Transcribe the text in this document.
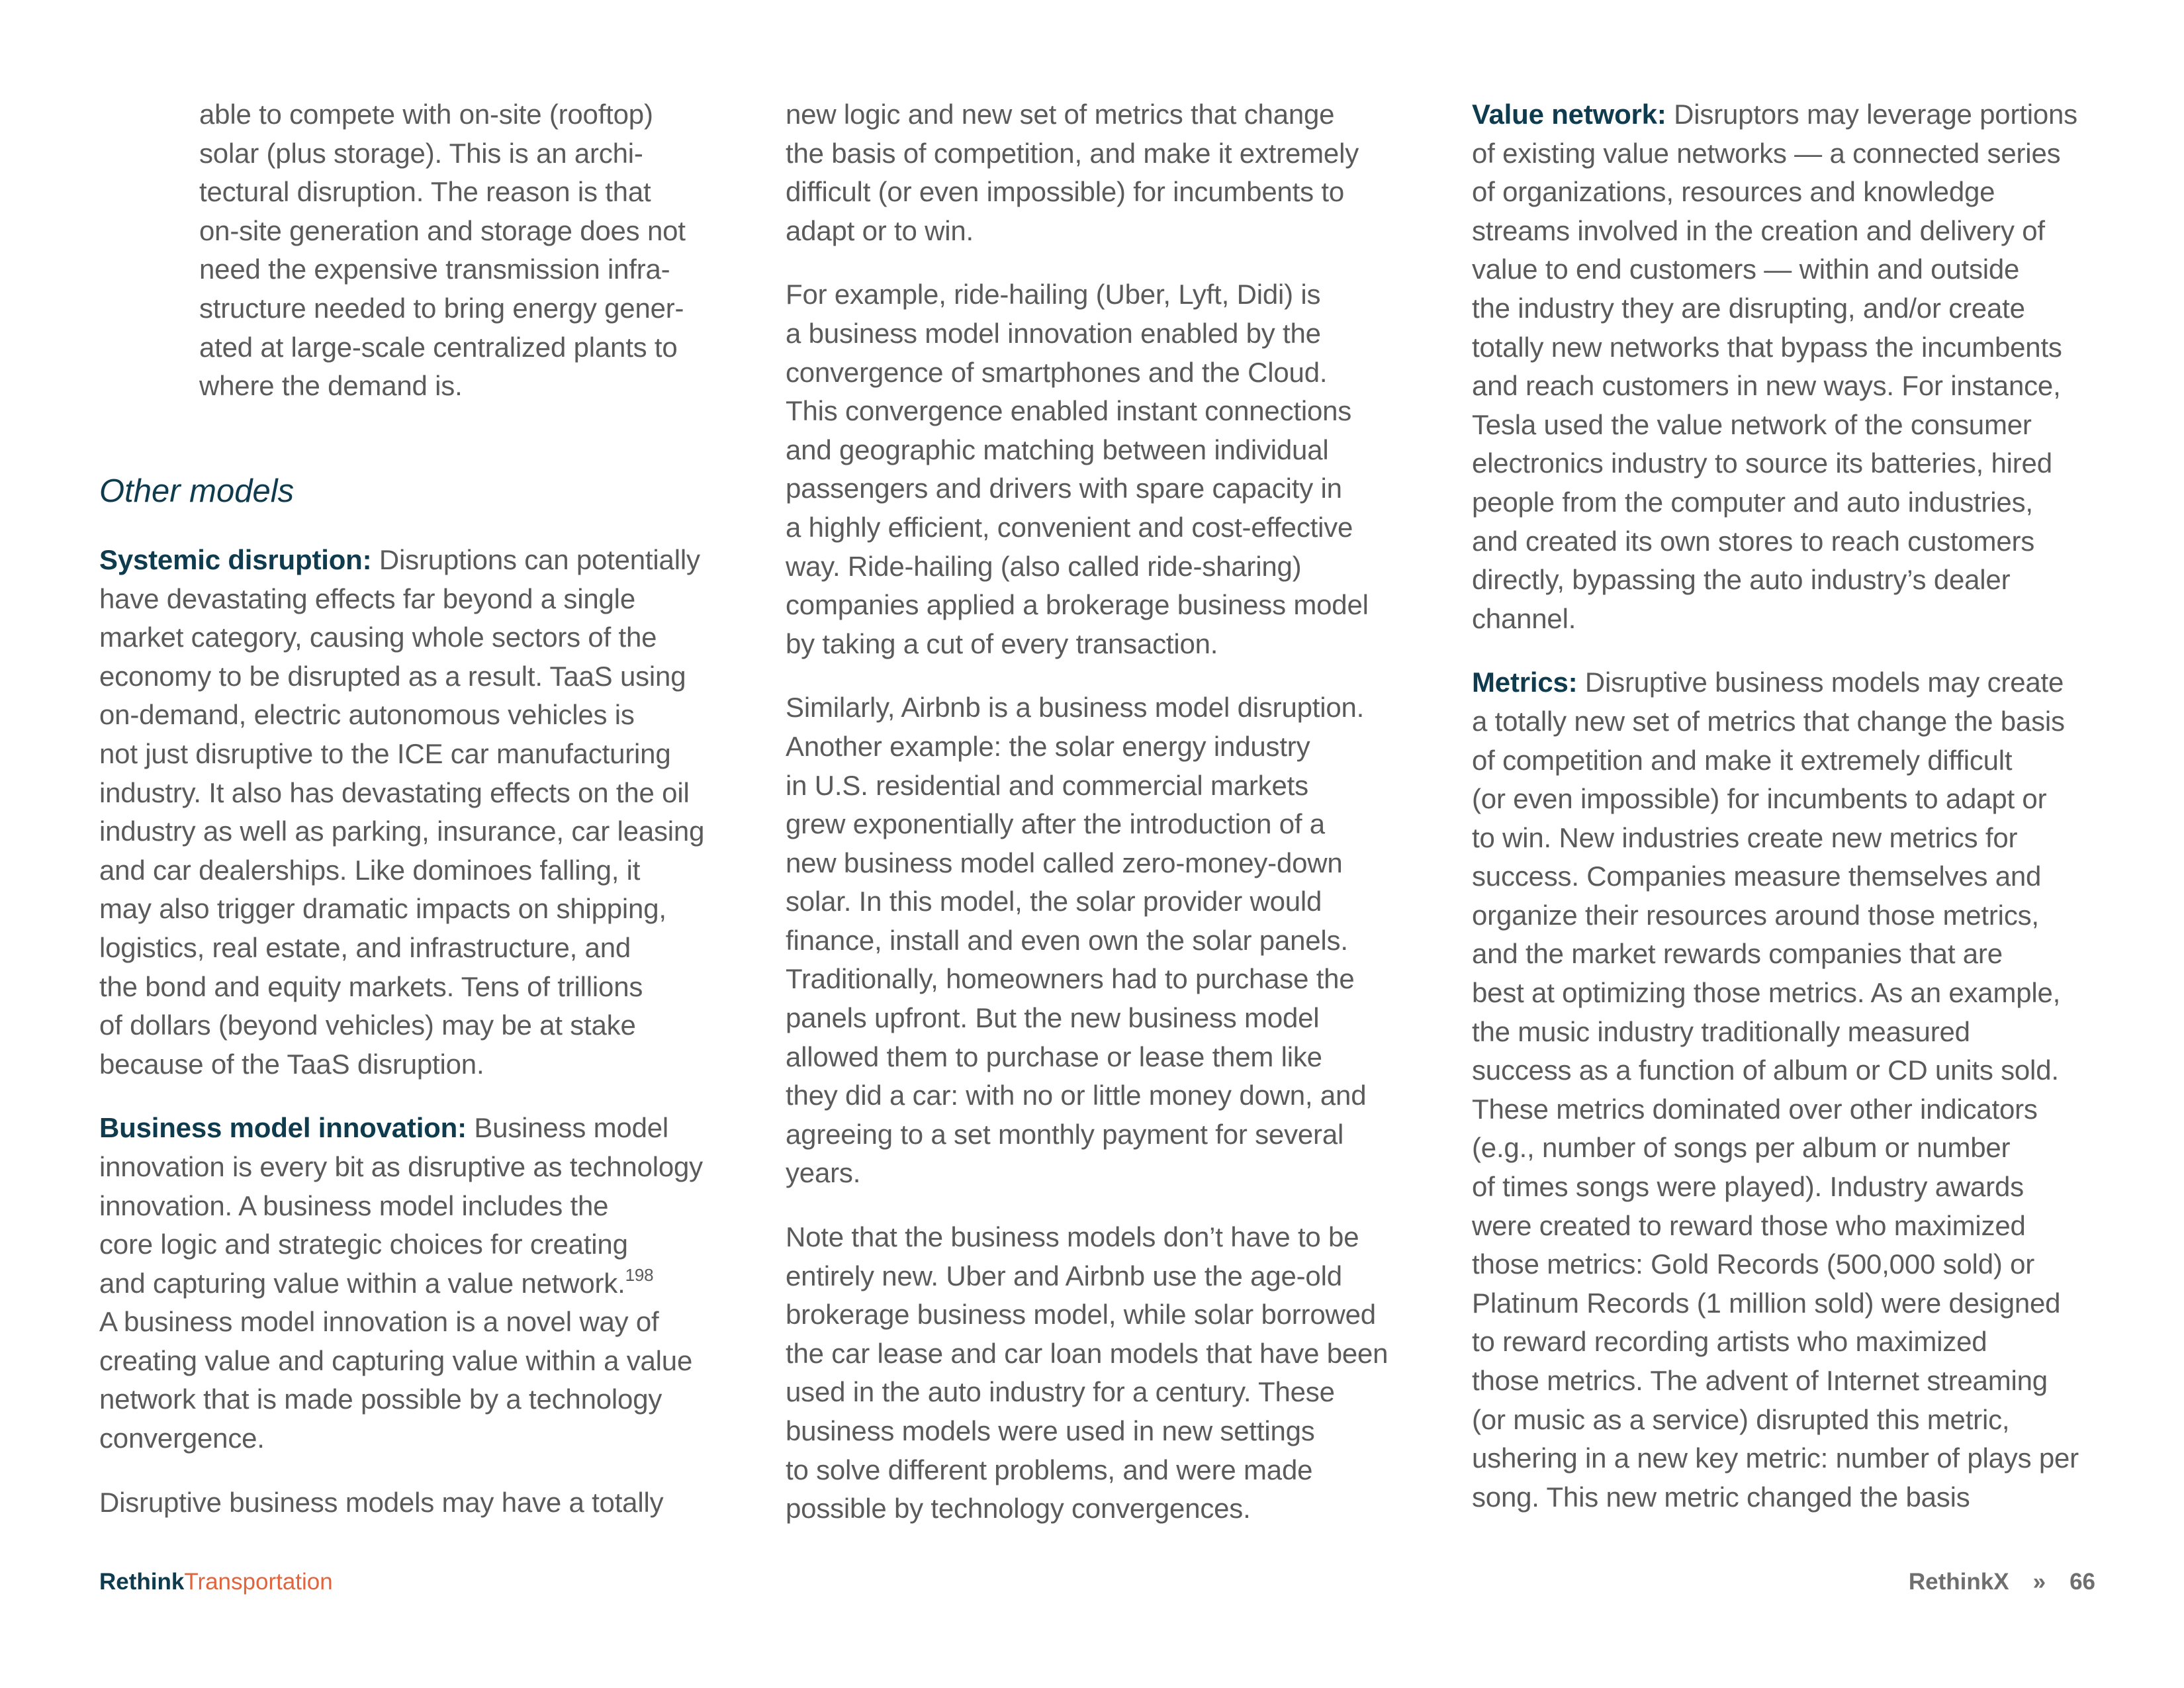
able to compete with on-site (rooftop)
solar (plus storage). This is an archi-
tectural disruption. The reason is that
on-site generation and storage does not
need the expensive transmission infra-
structure needed to bring energy gener-
ated at large-scale centralized plants to
where the demand is.

Other models

Systemic disruption: Disruptions can potentially
have devastating effects far beyond a single
market category, causing whole sectors of the
economy to be disrupted as a result. TaaS using
on-demand, electric autonomous vehicles is
not just disruptive to the ICE car manufacturing
industry. It also has devastating effects on the oil
industry as well as parking, insurance, car leasing
and car dealerships. Like dominoes falling, it
may also trigger dramatic impacts on shipping,
logistics, real estate, and infrastructure, and
the bond and equity markets. Tens of trillions
of dollars (beyond vehicles) may be at stake
because of the TaaS disruption.

Business model innovation: Business model
innovation is every bit as disruptive as technology
innovation. A business model includes the
core logic and strategic choices for creating
and capturing value within a value network.$^{198}$
A business model innovation is a novel way of
creating value and capturing value within a value
network that is made possible by a technology
convergence.

Disruptive business models may have a totally

new logic and new set of metrics that change
the basis of competition, and make it extremely
difficult (or even impossible) for incumbents to
adapt or to win.

For example, ride-hailing (Uber, Lyft, Didi) is
a business model innovation enabled by the
convergence of smartphones and the Cloud.
This convergence enabled instant connections
and geographic matching between individual
passengers and drivers with spare capacity in
a highly efficient, convenient and cost-effective
way. Ride-hailing (also called ride-sharing)
companies applied a brokerage business model
by taking a cut of every transaction.

Similarly, Airbnb is a business model disruption.
Another example: the solar energy industry
in U.S. residential and commercial markets
grew exponentially after the introduction of a
new business model called zero-money-down
solar. In this model, the solar provider would
finance, install and even own the solar panels.
Traditionally, homeowners had to purchase the
panels upfront. But the new business model
allowed them to purchase or lease them like
they did a car: with no or little money down, and
agreeing to a set monthly payment for several
years.

Note that the business models don’t have to be
entirely new. Uber and Airbnb use the age-old
brokerage business model, while solar borrowed
the car lease and car loan models that have been
used in the auto industry for a century. These
business models were used in new settings
to solve different problems, and were made
possible by technology convergences.

Value network: Disruptors may leverage portions
of existing value networks — a connected series
of organizations, resources and knowledge
streams involved in the creation and delivery of
value to end customers — within and outside
the industry they are disrupting, and/or create
totally new networks that bypass the incumbents
and reach customers in new ways. For instance,
Tesla used the value network of the consumer
electronics industry to source its batteries, hired
people from the computer and auto industries,
and created its own stores to reach customers
directly, bypassing the auto industry’s dealer
channel.

Metrics: Disruptive business models may create
a totally new set of metrics that change the basis
of competition and make it extremely difficult
(or even impossible) for incumbents to adapt or
to win. New industries create new metrics for
success. Companies measure themselves and
organize their resources around those metrics,
and the market rewards companies that are
best at optimizing those metrics. As an example,
the music industry traditionally measured
success as a function of album or CD units sold.
These metrics dominated over other indicators
(e.g., number of songs per album or number
of times songs were played). Industry awards
were created to reward those who maximized
those metrics: Gold Records (500,000 sold) or
Platinum Records (1 million sold) were designed
to reward recording artists who maximized
those metrics. The advent of Internet streaming
(or music as a service) disrupted this metric,
ushering in a new key metric: number of plays per
song. This new metric changed the basis

RethinkTransportation	RethinkX » 66
